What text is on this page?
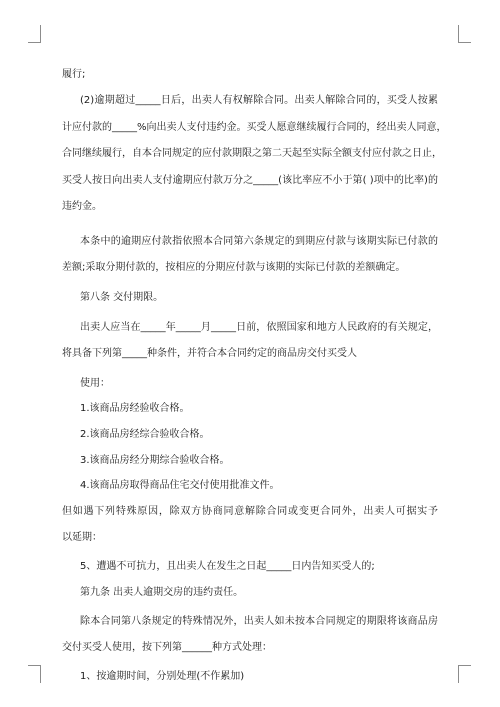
履行;
(2)逾期超过_____日后，出卖人有权解除合同。出卖人解除合同的，买受人按累
计应付款的_____%向出卖人支付违约金。买受人愿意继续履行合同的，经出卖人同意，
合同继续履行，自本合同规定的应付款期限之第二天起至实际全额支付应付款之日止，
买受人按日向出卖人支付逾期应付款万分之_____(该比率应不小于第( )项中的比率)的
违约金。
本条中的逾期应付款指依照本合同第六条规定的到期应付款与该期实际已付款的
差额;采取分期付款的，按相应的分期应付款与该期的实际已付款的差额确定。
第八条 交付期限。
出卖人应当在_____年_____月_____日前，依照国家和地方人民政府的有关规定，
将具备下列第_____种条件，并符合本合同约定的商品房交付买受人
使用：
1.该商品房经验收合格。
2.该商品房经综合验收合格。
3.该商品房经分期综合验收合格。
4.该商品房取得商品住宅交付使用批准文件。
但如遇下列特殊原因，除双方协商同意解除合同或变更合同外，出卖人可据实予
以延期：
5、遭遇不可抗力，且出卖人在发生之日起_____日内告知买受人的;
第九条 出卖人逾期交房的违约责任。
除本合同第八条规定的特殊情况外，出卖人如未按本合同规定的期限将该商品房
交付买受人使用，按下列第______种方式处理：
1、按逾期时间，分别处理(不作累加)
